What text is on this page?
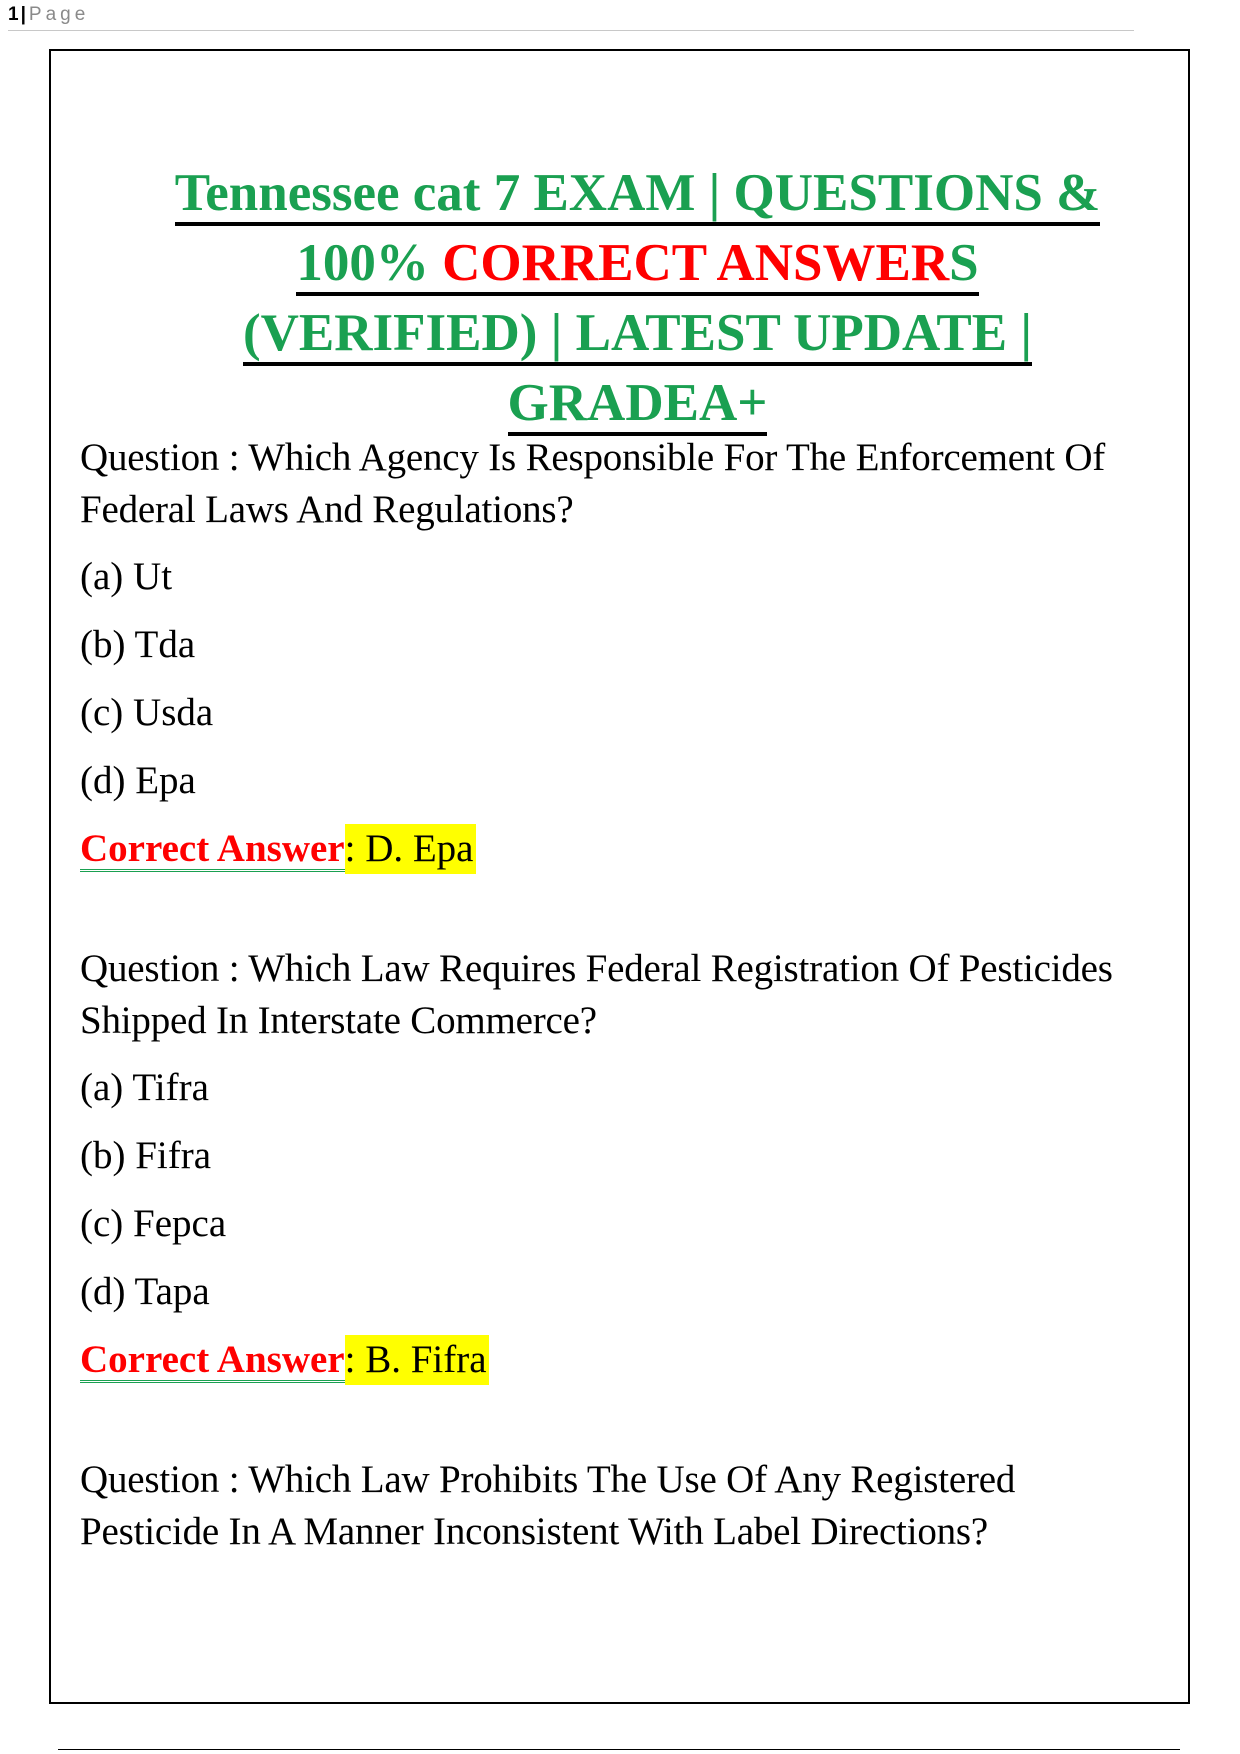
1 | Page
Tennessee cat 7 EXAM | QUESTIONS &
100% CORRECT ANSWERS
(VERIFIED) | LATEST UPDATE |
GRADEA+

Question : Which Agency Is Responsible For The Enforcement Of Federal Laws And Regulations?

(a) Ut
(b) Tda
(c) Usda
(d) Epa

Correct Answer: D. Epa

Question : Which Law Requires Federal Registration Of Pesticides Shipped In Interstate Commerce?

(a) Tifra
(b) Fifra
(c) Fepca
(d) Tapa

Correct Answer: B. Fifra

Question : Which Law Prohibits The Use Of Any Registered Pesticide In A Manner Inconsistent With Label Directions?
